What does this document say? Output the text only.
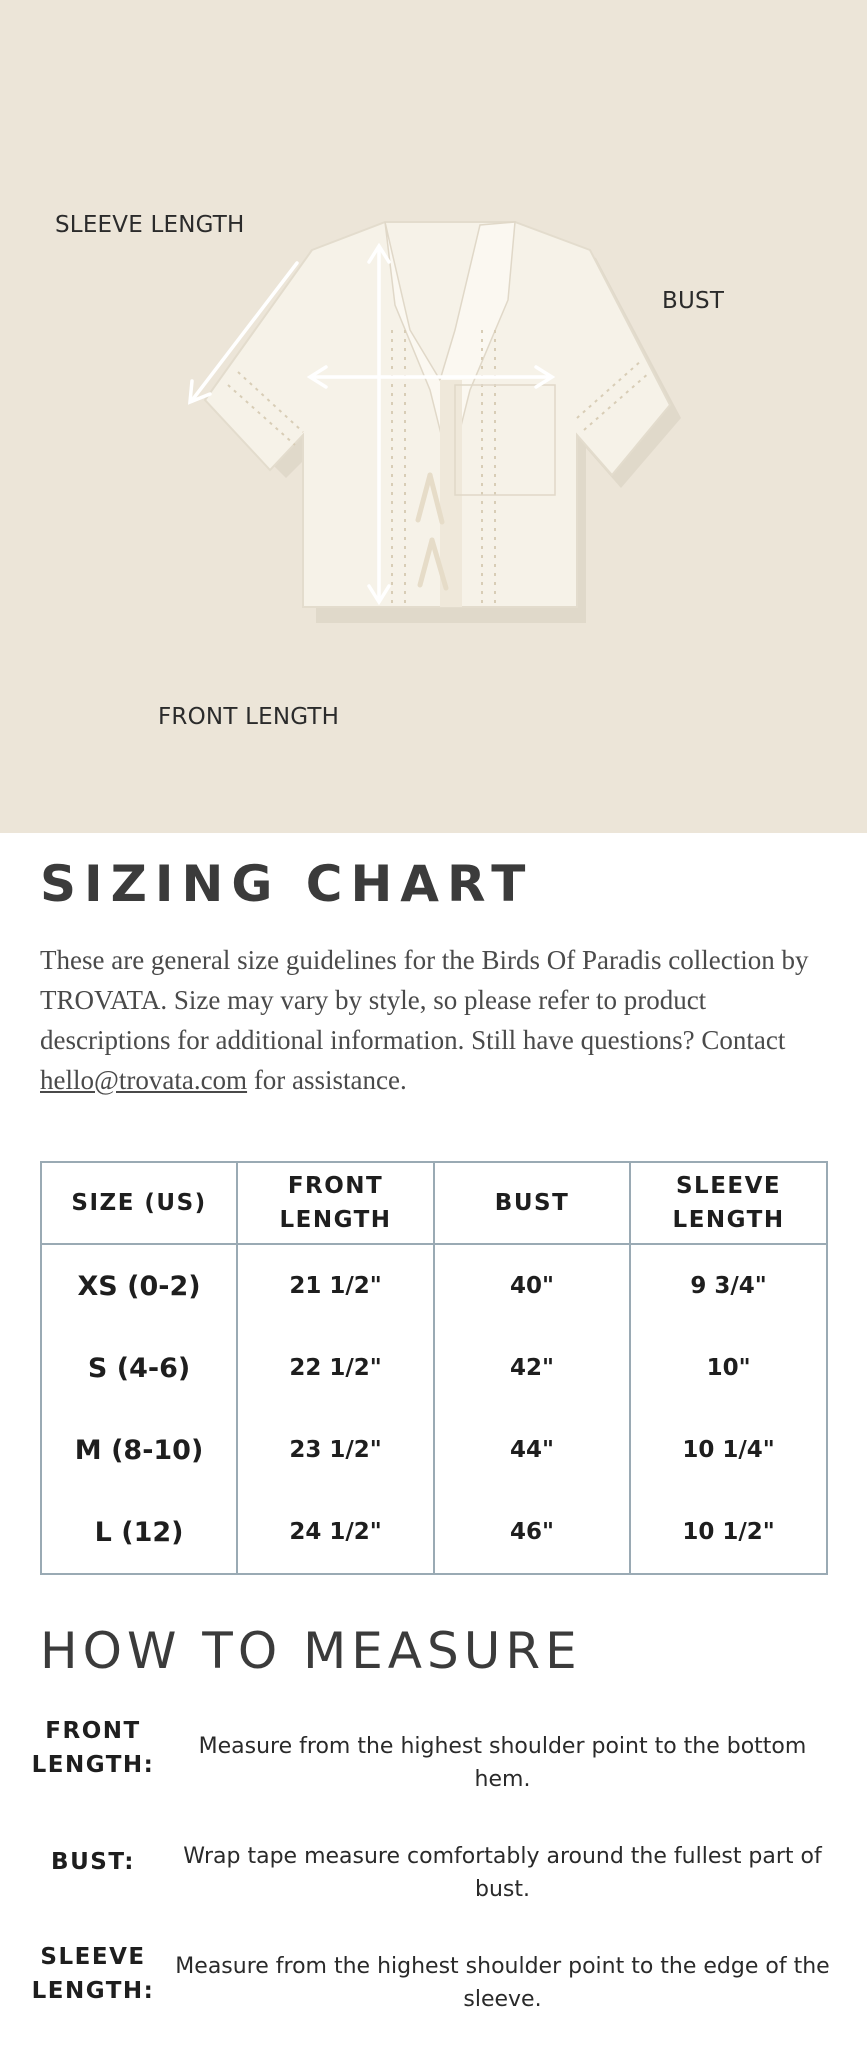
SLEEVE LENGTH
BUST
FRONT LENGTH
SIZING CHART
These are general size guidelines for the Birds Of Paradis collection by TROVATA. Size may vary by style, so please refer to product descriptions for additional information. Still have questions? Contact hello@trovata.com for assistance.
SIZE (US)	FRONT LENGTH	BUST	SLEEVE LENGTH
XS (0-2)	21 1/2"	40"	9 3/4"
S (4-6)	22 1/2"	42"	10"
M (8-10)	23 1/2"	44"	10 1/4"
L (12)	24 1/2"	46"	10 1/2"
HOW TO MEASURE
FRONT LENGTH:
Measure from the highest shoulder point to the bottom hem.
BUST:	Wrap tape measure comfortably around the fullest part of bust.
SLEEVE LENGTH:
Measure from the highest shoulder point to the edge of the sleeve.
